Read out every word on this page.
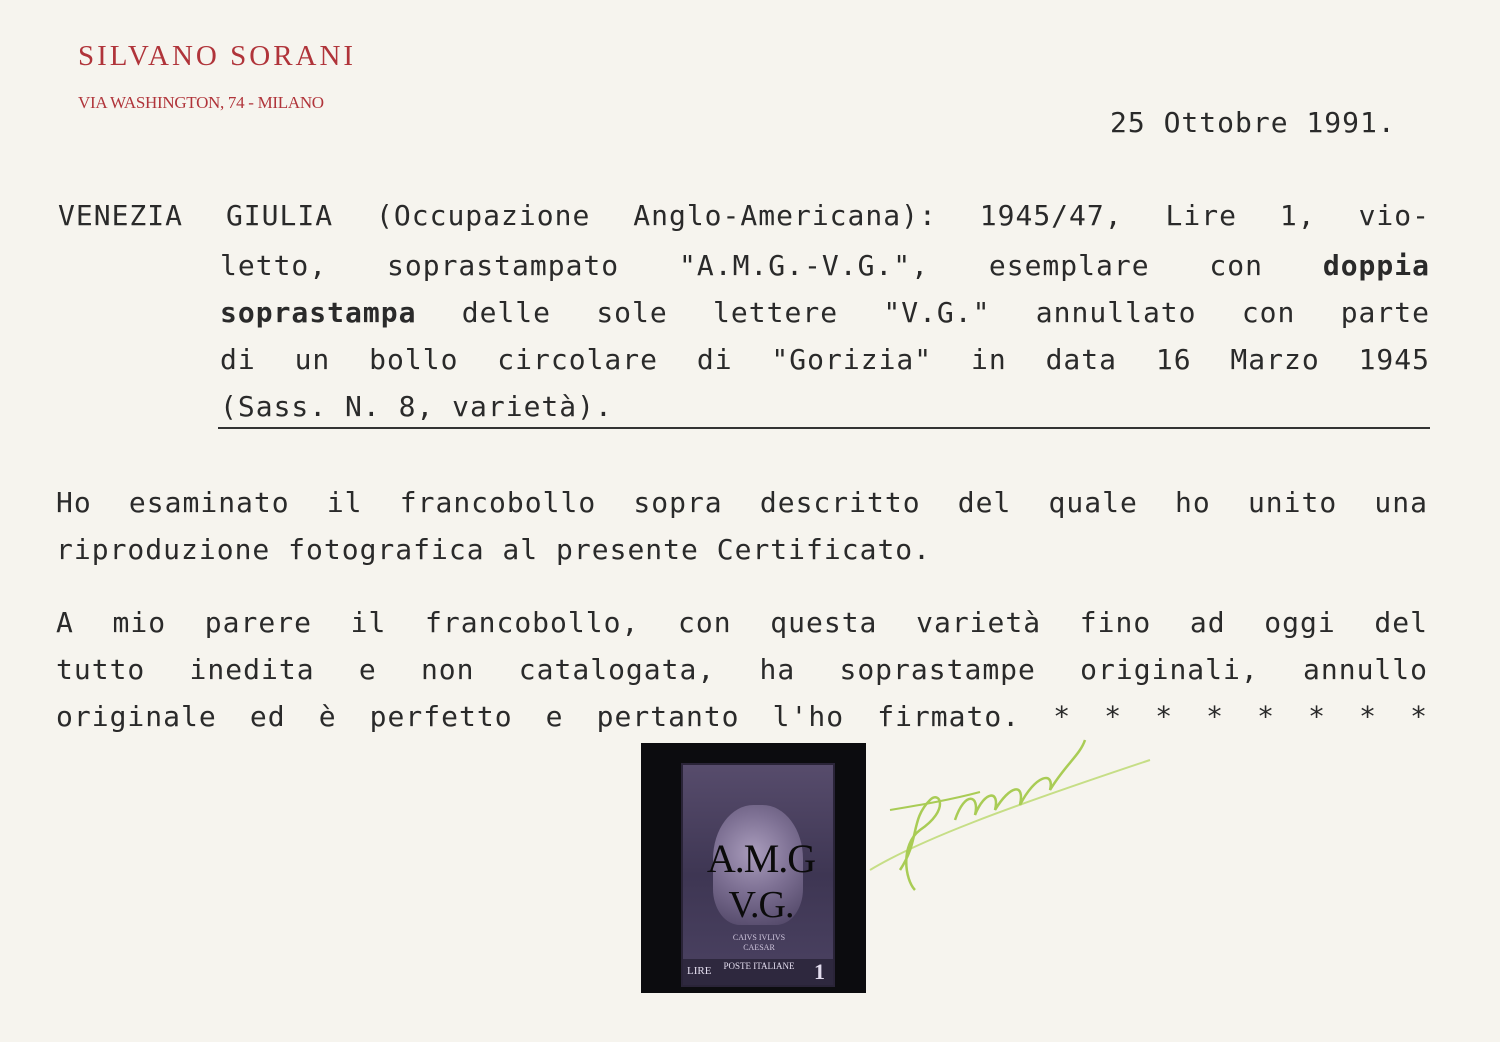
SILVANO SORANI
VIA WASHINGTON, 74 - MILANO
25 Ottobre 1991.
VENEZIA GIULIA (Occupazione Anglo-Americana): 1945/47, Lire 1, vio-
letto, soprastampato "A.M.G.-V.G.", esemplare con doppia
soprastampa delle sole lettere "V.G." annullato con parte
di un bollo circolare di "Gorizia" in data 16 Marzo 1945
(Sass. N. 8, varietà).
Ho esaminato il francobollo sopra descritto del quale ho unito una
riproduzione fotografica al presente Certificato.
A mio parere il francobollo, con questa varietà fino ad oggi del
tutto inedita e non catalogata, ha soprastampe originali, annullo
originale ed è perfetto e pertanto l'ho firmato. * * * * * * * *
A.M.G
V.G.
CAIVS IVLIVS CAESAR
LIRE	POSTE ITALIANE 1
